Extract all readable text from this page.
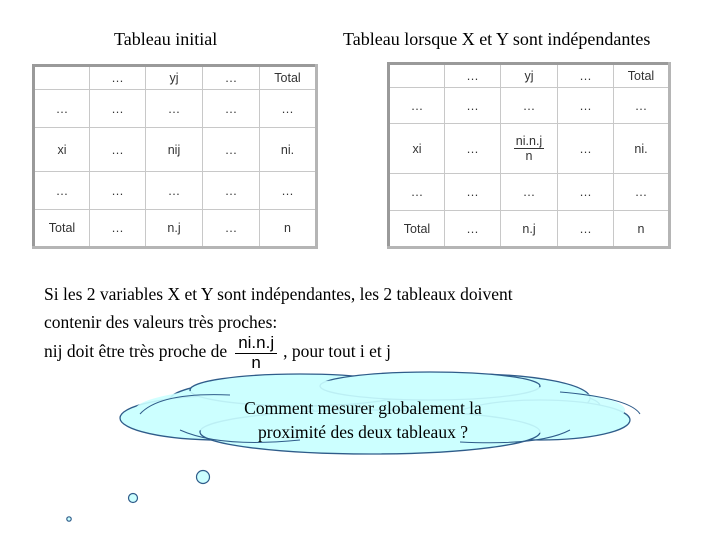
Tableau initial	Tableau lorsque X et Y sont indépendantes
	…	yj	…	Total
…	…	…	…	…
xi	…	nij	…	ni.
…	…	…	…	…
Total	…	n.j	…	n
	…	yj	…	Total
…	…	…	…	…
xi	…	$\frac{ni.n.j}{n}$	…	ni.
…	…	…	…	…
Total	…	n.j	…	n
Si les 2 variables X et Y sont indépendantes, les 2 tableaux doivent
contenir des valeurs très proches:
nij doit être très proche de $\frac{ni.n.j}{n}$ , pour tout i et j
Comment mesurer globalement la
proximité des deux tableaux ?
